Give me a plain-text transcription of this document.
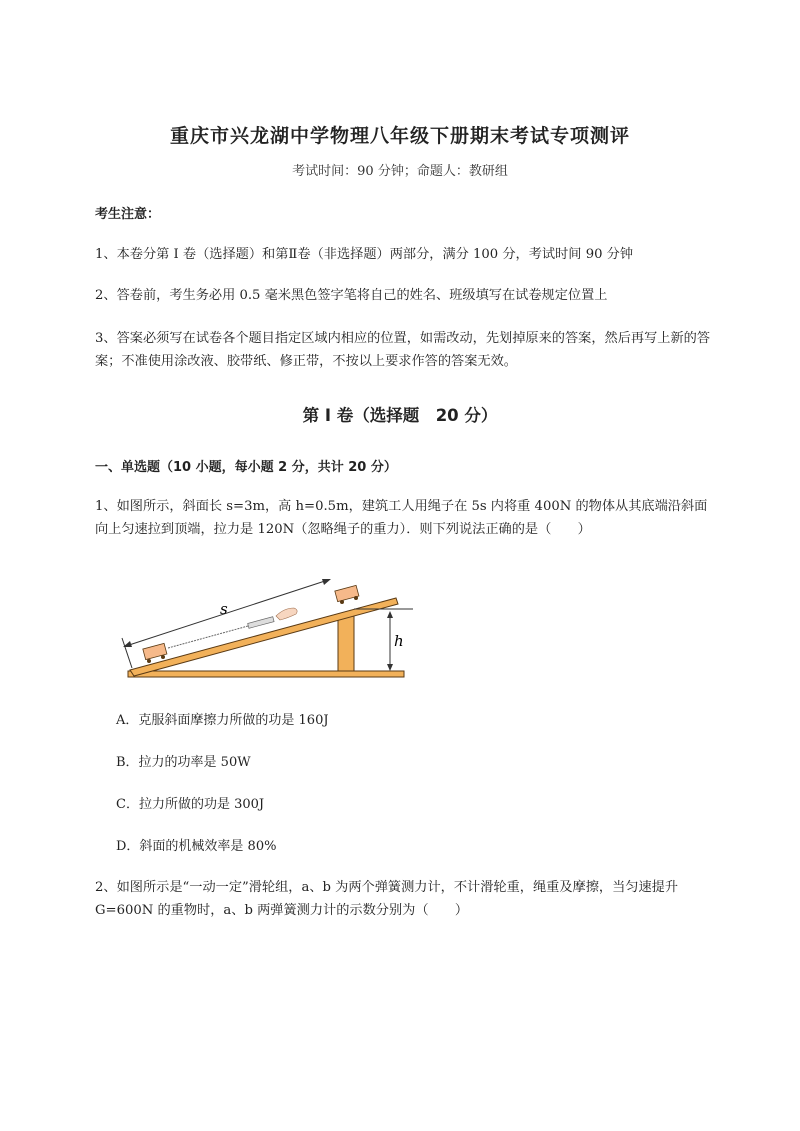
重庆市兴龙湖中学物理八年级下册期末考试专项测评
考试时间：90 分钟；命题人：教研组
考生注意：
1、本卷分第 I 卷（选择题）和第Ⅱ卷（非选择题）两部分，满分 100 分，考试时间 90 分钟
2、答卷前，考生务必用 0.5 毫米黑色签字笔将自己的姓名、班级填写在试卷规定位置上
3、答案必须写在试卷各个题目指定区域内相应的位置，如需改动，先划掉原来的答案，然后再写上新的答案；不准使用涂改液、胶带纸、修正带，不按以上要求作答的答案无效。
第 I 卷（选择题　20 分）
一、单选题（10 小题，每小题 2 分，共计 20 分）
1、如图所示，斜面长 s=3m，高 h=0.5m，建筑工人用绳子在 5s 内将重 400N 的物体从其底端沿斜面向上匀速拉到顶端，拉力是 120N（忽略绳子的重力）．则下列说法正确的是（　　）
h
s
A．克服斜面摩擦力所做的功是 160J
B．拉力的功率是 50W
C．拉力所做的功是 300J
D．斜面的机械效率是 80%
2、如图所示是“一动一定”滑轮组，a、b 为两个弹簧测力计，不计滑轮重，绳重及摩擦，当匀速提升 G=600N 的重物时，a、b 两弹簧测力计的示数分别为（　　）
